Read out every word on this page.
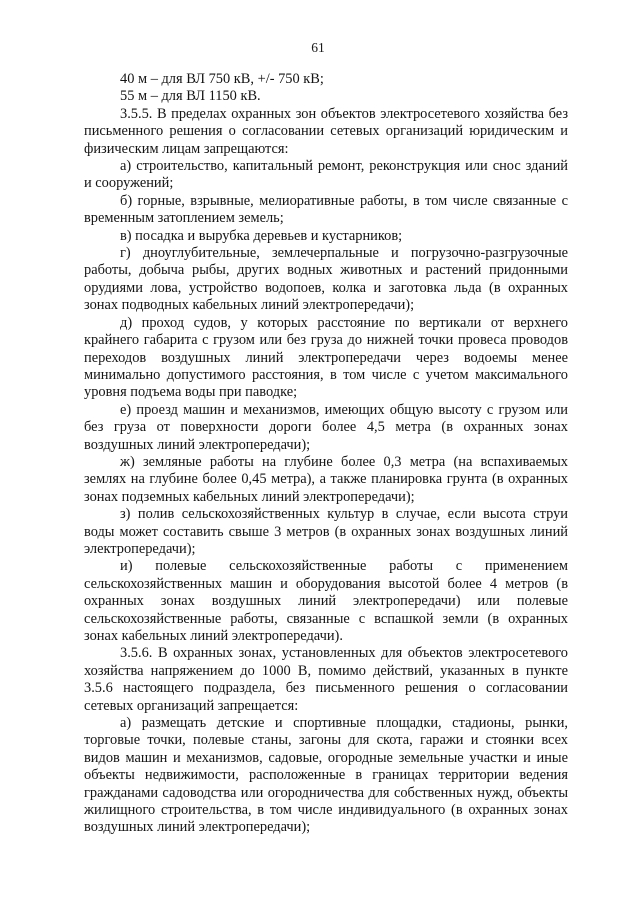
61

40 м – для ВЛ 750 кВ, +/- 750 кВ;

55 м – для ВЛ 1150 кВ.

3.5.5. В пределах охранных зон объектов электросетевого хозяйства без письменного решения о согласовании сетевых организаций юридическим и физическим лицам запрещаются:

а) строительство, капитальный ремонт, реконструкция или снос зданий и сооружений;

б) горные, взрывные, мелиоративные работы, в том числе связанные с временным затоплением земель;

в) посадка и вырубка деревьев и кустарников;

г) дноуглубительные, землечерпальные и погрузочно-разгрузочные работы, добыча рыбы, других водных животных и растений придонными орудиями лова, устройство водопоев, колка и заготовка льда (в охранных зонах подводных кабельных линий электропередачи);

д) проход судов, у которых расстояние по вертикали от верхнего крайнего габарита с грузом или без груза до нижней точки провеса проводов переходов воздушных линий электропередачи через водоемы менее минимально допустимого расстояния, в том числе с учетом максимального уровня подъема воды при паводке;

е) проезд машин и механизмов, имеющих общую высоту с грузом или без груза от поверхности дороги более 4,5 метра (в охранных зонах воздушных линий электропередачи);

ж) земляные работы на глубине более 0,3 метра (на вспахиваемых землях на глубине более 0,45 метра), а также планировка грунта (в охранных зонах подземных кабельных линий электропередачи);

з) полив сельскохозяйственных культур в случае, если высота струи воды может составить свыше 3 метров (в охранных зонах воздушных линий электропередачи);

и) полевые сельскохозяйственные работы с применением сельскохозяйственных машин и оборудования высотой более 4 метров (в охранных зонах воздушных линий электропередачи) или полевые сельскохозяйственные работы, связанные с вспашкой земли (в охранных зонах кабельных линий электропередачи).

3.5.6. В охранных зонах, установленных для объектов электросетевого хозяйства напряжением до 1000 В, помимо действий, указанных в пункте 3.5.6 настоящего подраздела, без письменного решения о согласовании сетевых организаций запрещается:

а) размещать детские и спортивные площадки, стадионы, рынки, торговые точки, полевые станы, загоны для скота, гаражи и стоянки всех видов машин и механизмов, садовые, огородные земельные участки и иные объекты недвижимости, расположенные в границах территории ведения гражданами садоводства или огородничества для собственных нужд, объекты жилищного строительства, в том числе индивидуального (в охранных зонах воздушных линий электропередачи);
